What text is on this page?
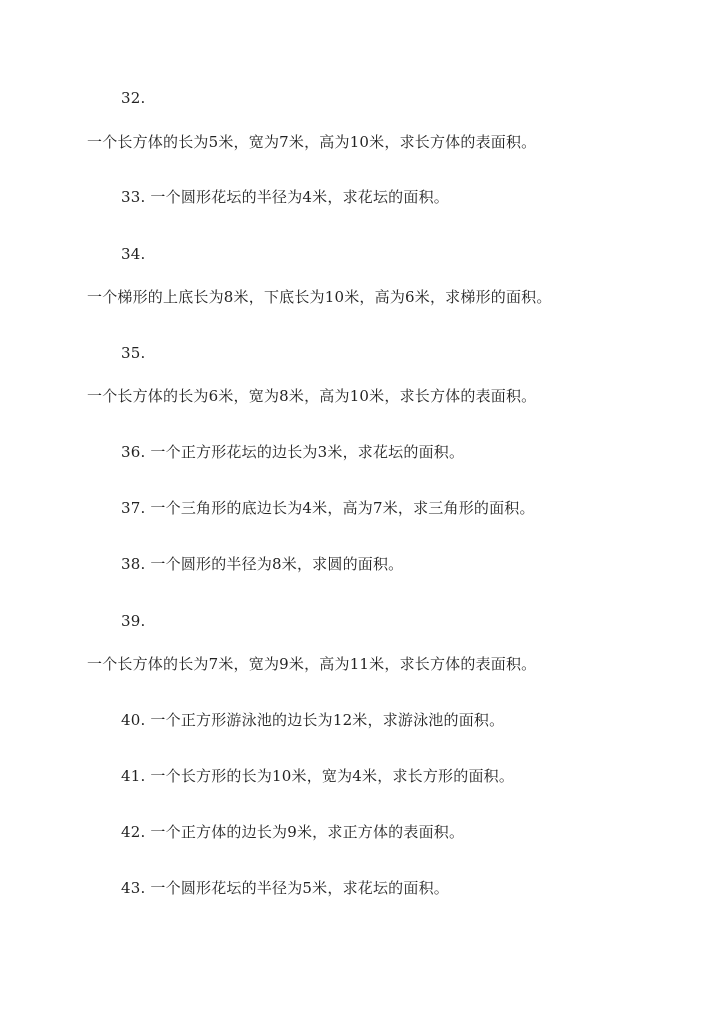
32.
一个长方体的长为5米，宽为7米，高为10米，求长方体的表面积。
33. 一个圆形花坛的半径为4米，求花坛的面积。
34.
一个梯形的上底长为8米，下底长为10米，高为6米，求梯形的面积。
35.
一个长方体的长为6米，宽为8米，高为10米，求长方体的表面积。
36. 一个正方形花坛的边长为3米，求花坛的面积。
37. 一个三角形的底边长为4米，高为7米，求三角形的面积。
38. 一个圆形的半径为8米，求圆的面积。
39.
一个长方体的长为7米，宽为9米，高为11米，求长方体的表面积。
40. 一个正方形游泳池的边长为12米，求游泳池的面积。
41. 一个长方形的长为10米，宽为4米，求长方形的面积。
42. 一个正方体的边长为9米，求正方体的表面积。
43. 一个圆形花坛的半径为5米，求花坛的面积。
